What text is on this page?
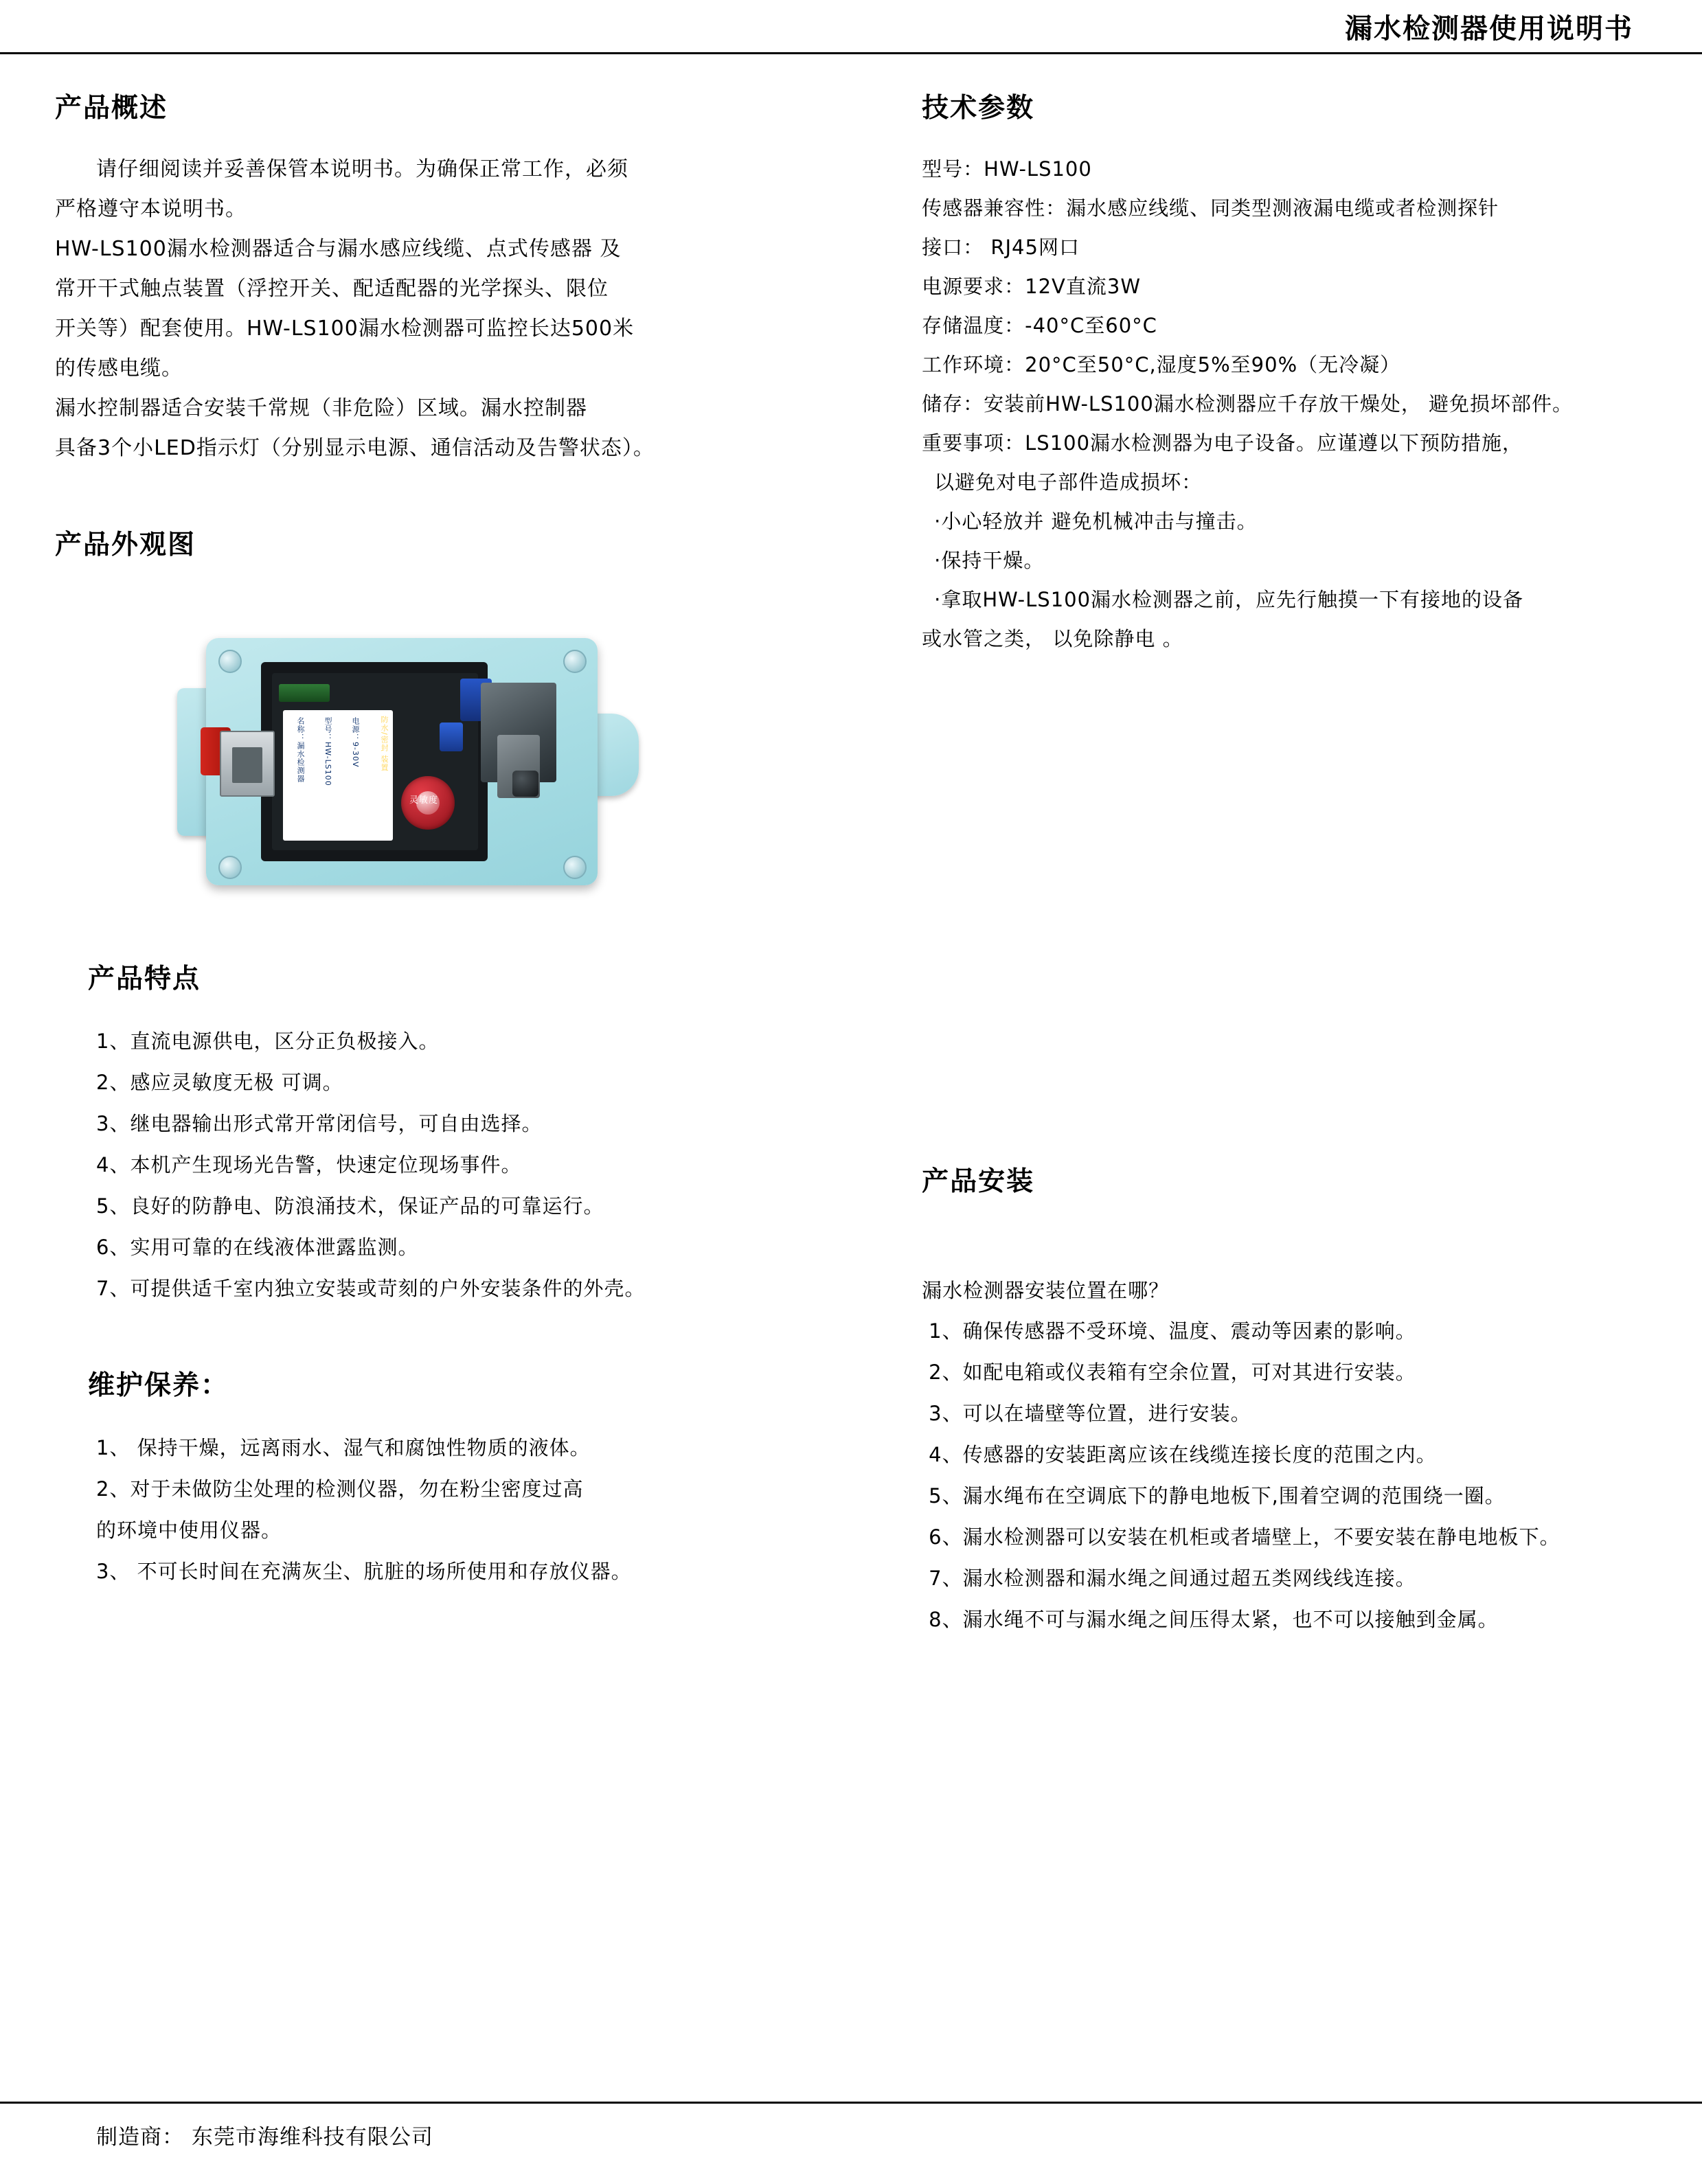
漏水检测器使用说明书
产品概述

请仔细阅读并妥善保管本说明书。为确保正常工作，必须

严格遵守本说明书。

HW-LS100漏水检测器适合与漏水感应线缆、点式传感器 及

常开干式触点装置（浮控开关、配适配器的光学探头、限位

开关等）配套使用。HW-LS100漏水检测器可监控长达500米

的传感电缆。

漏水控制器适合安装千常规（非危险）区域。漏水控制器

具备3个小LED指示灯（分别显示电源、通信活动及告警状态）。

产品外观图
名称：漏水检测器 型号：HW-LS100 电源：9-30V	防水/密封 装置
灵敏度
产品特点
1、直流电源供电，区分正负极接入。
2、感应灵敏度无极 可调。
3、继电器输出形式常开常闭信号，可自由选择。
4、本机产生现场光告警，快速定位现场事件。
5、良好的防静电、防浪涌技术，保证产品的可靠运行。
6、实用可靠的在线液体泄露监测。
7、可提供适千室内独立安装或苛刻的户外安装条件的外壳。
维护保养：
1、 保持干燥，远离雨水、湿气和腐蚀性物质的液体。
2、对于未做防尘处理的检测仪器，勿在粉尘密度过高
的环境中使用仪器。
3、 不可长时间在充满灰尘、肮脏的场所使用和存放仪器。
技术参数

型号：HW-LS100

传感器兼容性：漏水感应线缆、同类型测液漏电缆或者检测探针

接口： RJ45网口

电源要求：12V直流3W

存储温度：-40°C至60°C

工作环境：20°C至50°C,湿度5%至90%（无冷凝）

储存：安装前HW-LS100漏水检测器应千存放干燥处， 避免损坏部件。

重要事项：LS100漏水检测器为电子设备。应谨遵以下预防措施，

以避免对电子部件造成损坏：

·小心轻放并 避免机械冲击与撞击。

·保持干燥。

·拿取HW-LS100漏水检测器之前，应先行触摸一下有接地的设备

或水管之类， 以免除静电 。

产品安装

漏水检测器安装位置在哪？

1、确保传感器不受环境、温度、震动等因素的影响。
2、如配电箱或仪表箱有空余位置，可对其进行安装。
3、可以在墙壁等位置，进行安装。
4、传感器的安装距离应该在线缆连接长度的范围之内。
5、漏水绳布在空调底下的静电地板下,围着空调的范围绕一圈。
6、漏水检测器可以安装在机柜或者墙壁上，不要安装在静电地板下。
7、漏水检测器和漏水绳之间通过超五类网线线连接。
8、漏水绳不可与漏水绳之间压得太紧，也不可以接触到金属。
制造商： 东莞市海维科技有限公司
